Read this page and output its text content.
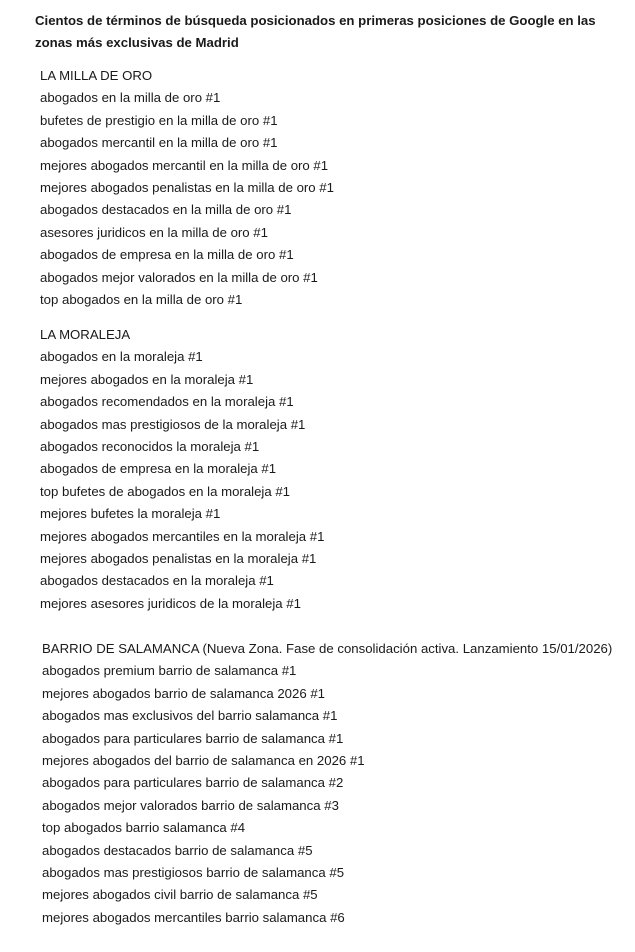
Cientos de términos de búsqueda posicionados en primeras posiciones de Google en las zonas más exclusivas de Madrid

LA MILLA DE ORO
abogados en la milla de oro #1
bufetes de prestigio en la milla de oro #1
abogados mercantil en la milla de oro #1
mejores abogados mercantil en la milla de oro #1
mejores abogados penalistas en la milla de oro #1
abogados destacados en la milla de oro #1
asesores juridicos en la milla de oro #1
abogados de empresa en la milla de oro #1
abogados mejor valorados en la milla de oro #1
top abogados en la milla de oro #1
LA MORALEJA
abogados en la moraleja #1
mejores abogados en la moraleja #1
abogados recomendados en la moraleja #1
abogados mas prestigiosos de la moraleja #1
abogados reconocidos la moraleja #1
abogados de empresa en la moraleja #1
top bufetes de abogados en la moraleja #1
mejores bufetes la moraleja #1
mejores abogados mercantiles en la moraleja #1
mejores abogados penalistas en la moraleja #1
abogados destacados en la moraleja #1
mejores asesores juridicos de la moraleja #1
BARRIO DE SALAMANCA (Nueva Zona. Fase de consolidación activa. Lanzamiento 15/01/2026)
abogados premium barrio de salamanca #1
mejores abogados barrio de salamanca 2026 #1
abogados mas exclusivos del barrio salamanca #1
abogados para particulares barrio de salamanca #1
mejores abogados del barrio de salamanca en 2026 #1
abogados para particulares barrio de salamanca #2
abogados mejor valorados barrio de salamanca #3
top abogados barrio salamanca #4
abogados destacados barrio de salamanca #5
abogados mas prestigiosos barrio de salamanca #5
mejores abogados civil barrio de salamanca #5
mejores abogados mercantiles barrio salamanca #6
